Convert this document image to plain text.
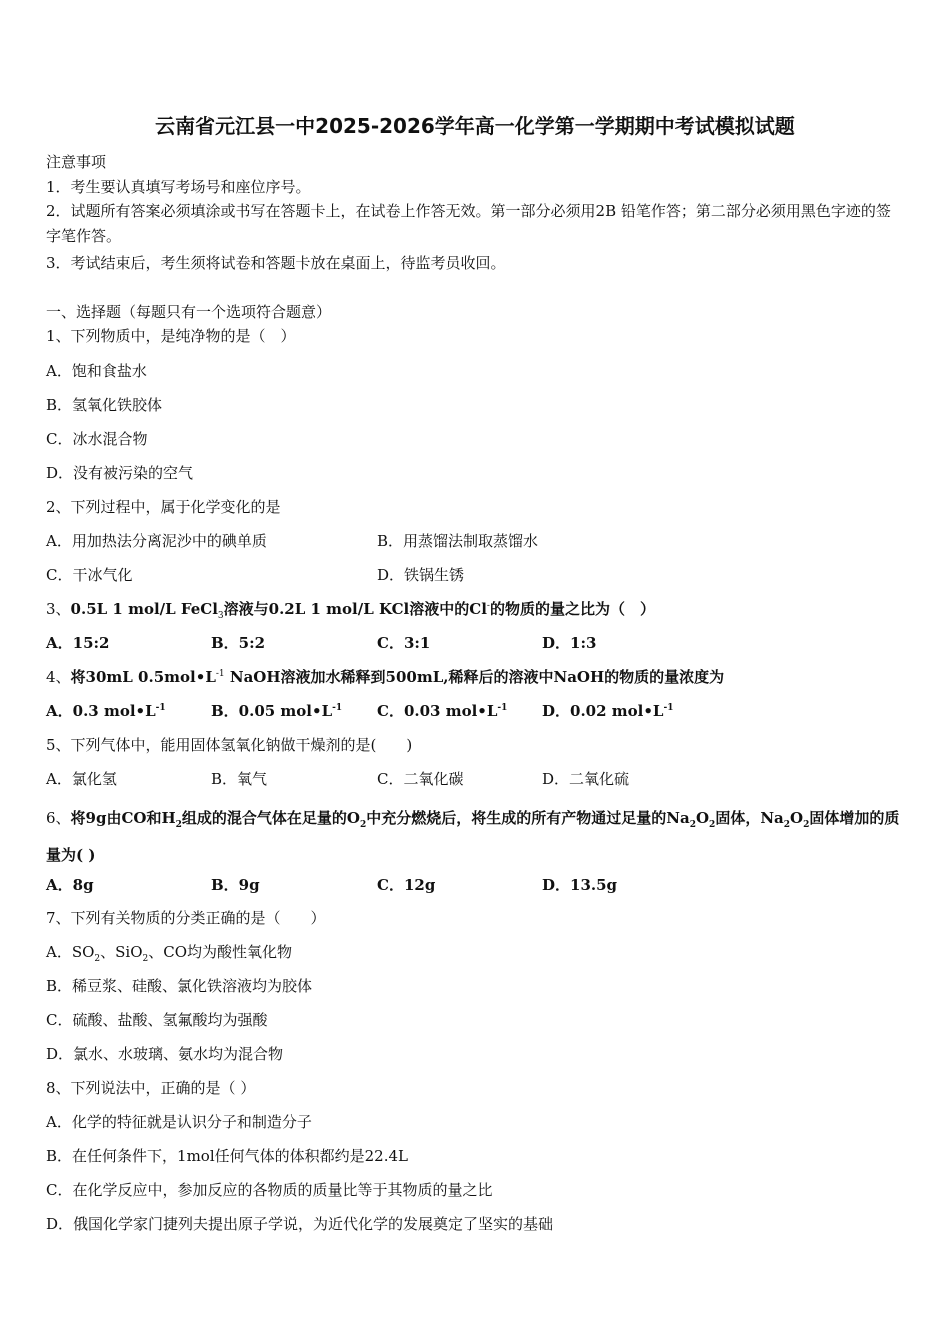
云南省元江县一中2025-2026学年高一化学第一学期期中考试模拟试题
注意事项
1．考生要认真填写考场号和座位序号。
2．试题所有答案必须填涂或书写在答题卡上，在试卷上作答无效。第一部分必须用2B 铅笔作答；第二部分必须用黑色字迹的签字笔作答。
3．考试结束后，考生须将试卷和答题卡放在桌面上，待监考员收回。
一、选择题（每题只有一个选项符合题意）
1、下列物质中，是纯净物的是（　）
A．饱和食盐水
B．氢氧化铁胶体
C．冰水混合物
D．没有被污染的空气
2、下列过程中，属于化学变化的是
A．用加热法分离泥沙中的碘单质	B．用蒸馏法制取蒸馏水
C．干冰气化	D．铁锅生锈
3、0.5L 1 mol/L FeCl$_3$溶液与0.2L 1 mol/L KCl溶液中的Cl-的物质的量之比为（　）
A．15:2	B．5:2	C．3:1	D．1:3
4、将30mL $0.5mol•L^{-1}$ NaOH溶液加水稀释到500mL,稀释后的溶液中NaOH的物质的量浓度为
A．0.3 $mol•L^{-1}$	B．0.05 $mol•L^{-1}$ C．0.03 $mol•L^{-1}$ D．0.02 $mol•L^{-1}$
5、下列气体中，能用固体氢氧化钠做干燥剂的是(　　)
A．氯化氢	B．氧气	C．二氧化碳	D．二氧化硫
6、将9g由CO和$H_2$组成的混合气体在足量的$O_2$中充分燃烧后，将生成的所有产物通过足量的$Na_2O_2$固体，$Na_2O_2$固体增加的质量为( )
A．8g	B．9g	C．12g	D．13.5g
7、下列有关物质的分类正确的是（　　）
A．$SO_2$、SiO$_2$、CO均为酸性氧化物
B．稀豆浆、硅酸、氯化铁溶液均为胶体
C．硫酸、盐酸、氢氟酸均为强酸
D．氯水、水玻璃、氨水均为混合物
8、下列说法中，正确的是（ ）
A．化学的特征就是认识分子和制造分子
B．在任何条件下，1mol任何气体的体积都约是22.4L
C．在化学反应中，参加反应的各物质的质量比等于其物质的量之比
D．俄国化学家门捷列夫提出原子学说，为近代化学的发展奠定了坚实的基础
